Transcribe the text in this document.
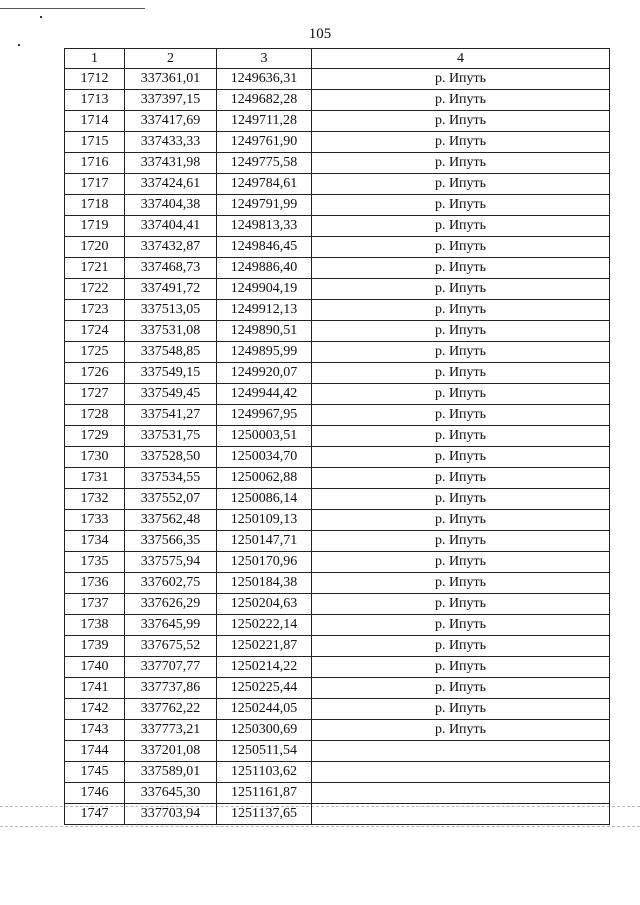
105
1	2	3	4
1712	337361,01	1249636,31	р. Ипуть
1713	337397,15	1249682,28	р. Ипуть
1714	337417,69	1249711,28	р. Ипуть
1715	337433,33	1249761,90	р. Ипуть
1716	337431,98	1249775,58	р. Ипуть
1717	337424,61	1249784,61	р. Ипуть
1718	337404,38	1249791,99	р. Ипуть
1719	337404,41	1249813,33	р. Ипуть
1720	337432,87	1249846,45	р. Ипуть
1721	337468,73	1249886,40	р. Ипуть
1722	337491,72	1249904,19	р. Ипуть
1723	337513,05	1249912,13	р. Ипуть
1724	337531,08	1249890,51	р. Ипуть
1725	337548,85	1249895,99	р. Ипуть
1726	337549,15	1249920,07	р. Ипуть
1727	337549,45	1249944,42	р. Ипуть
1728	337541,27	1249967,95	р. Ипуть
1729	337531,75	1250003,51	р. Ипуть
1730	337528,50	1250034,70	р. Ипуть
1731	337534,55	1250062,88	р. Ипуть
1732	337552,07	1250086,14	р. Ипуть
1733	337562,48	1250109,13	р. Ипуть
1734	337566,35	1250147,71	р. Ипуть
1735	337575,94	1250170,96	р. Ипуть
1736	337602,75	1250184,38	р. Ипуть
1737	337626,29	1250204,63	р. Ипуть
1738	337645,99	1250222,14	р. Ипуть
1739	337675,52	1250221,87	р. Ипуть
1740	337707,77	1250214,22	р. Ипуть
1741	337737,86	1250225,44	р. Ипуть
1742	337762,22	1250244,05	р. Ипуть
1743	337773,21	1250300,69	р. Ипуть
1744	337201,08	1250511,54	
1745	337589,01	1251103,62	
1746	337645,30	1251161,87	
1747	337703,94	1251137,65	
